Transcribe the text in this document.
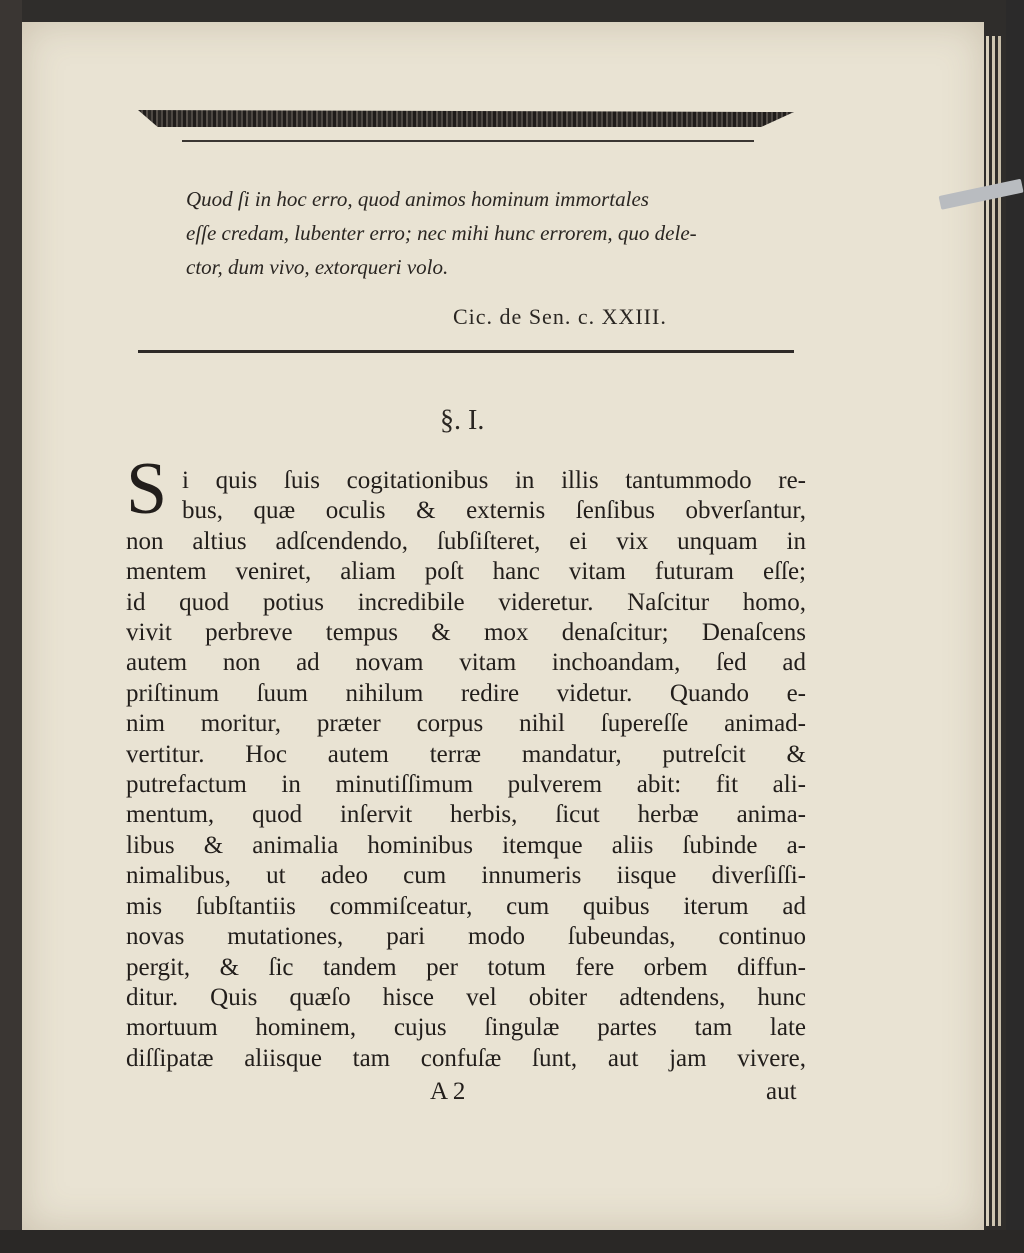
Quod ſi in hoc erro, quod animos hominum immortales
eſſe credam, lubenter erro; nec mihi hunc errorem, quo dele-
ctor, dum vivo, extorqueri volo.
Cic. de Sen. c. XXIII.
§. I.
S i quis ſuis cogitationibus in illis tantummodo re-
bus, quæ oculis & externis ſenſibus obverſantur,
non altius adſcendendo, ſubſiſteret, ei vix unquam in
mentem veniret, aliam poſt hanc vitam futuram eſſe;
id quod potius incredibile videretur. Naſcitur homo,
vivit perbreve tempus & mox denaſcitur; Denaſcens
autem non ad novam vitam inchoandam, ſed ad
priſtinum ſuum nihilum redire videtur. Quando e-
nim moritur, præter corpus nihil ſupereſſe animad-
vertitur. Hoc autem terræ mandatur, putreſcit &
putrefactum in minutiſſimum pulverem abit: fit ali-
mentum, quod inſervit herbis, ſicut herbæ anima-
libus & animalia hominibus itemque aliis ſubinde a-
nimalibus, ut adeo cum innumeris iisque diverſiſſi-
mis ſubſtantiis commiſceatur, cum quibus iterum ad
novas mutationes, pari modo ſubeundas, continuo
pergit, & ſic tandem per totum fere orbem diffun-
ditur. Quis quæſo hisce vel obiter adtendens, hunc
mortuum hominem, cujus ſingulæ partes tam late
diſſipatæ aliisque tam confuſæ ſunt, aut jam vivere,
A 2	aut
